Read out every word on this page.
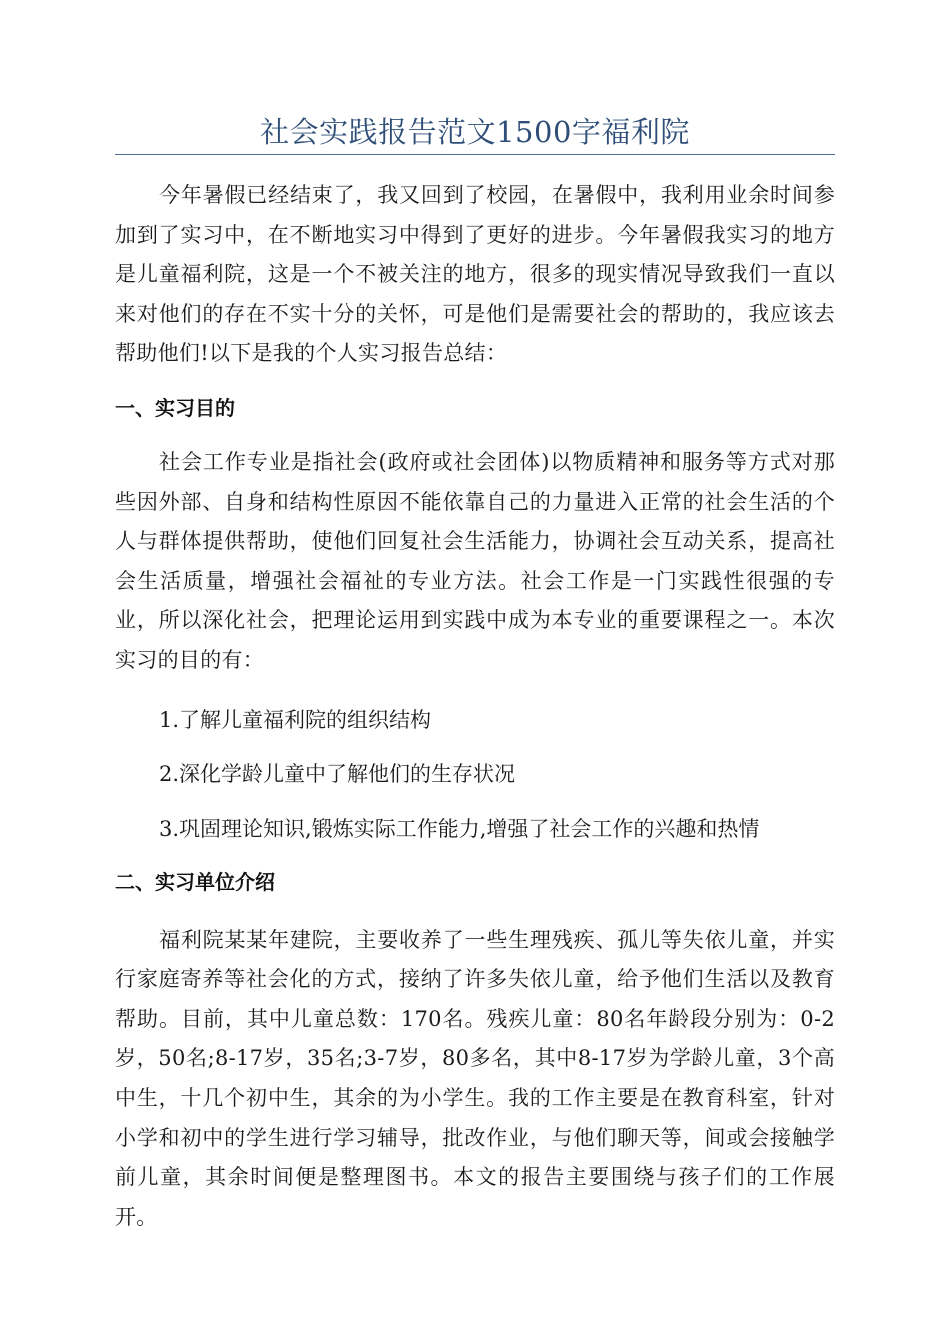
社会实践报告范文1500字福利院

今年暑假已经结束了，我又回到了校园，在暑假中，我利用业余时间参加到了实习中，在不断地实习中得到了更好的进步。今年暑假我实习的地方是儿童福利院，这是一个不被关注的地方，很多的现实情况导致我们一直以来对他们的存在不实十分的关怀，可是他们是需要社会的帮助的，我应该去帮助他们!以下是我的个人实习报告总结：

一、实习目的

社会工作专业是指社会(政府或社会团体)以物质精神和服务等方式对那些因外部、自身和结构性原因不能依靠自己的力量进入正常的社会生活的个人与群体提供帮助，使他们回复社会生活能力，协调社会互动关系，提高社会生活质量，增强社会福祉的专业方法。社会工作是一门实践性很强的专业，所以深化社会，把理论运用到实践中成为本专业的重要课程之一。本次实习的目的有：

1.了解儿童福利院的组织结构

2.深化学龄儿童中了解他们的生存状况

3.巩固理论知识,锻炼实际工作能力,增强了社会工作的兴趣和热情

二、实习单位介绍

福利院某某年建院，主要收养了一些生理残疾、孤儿等失依儿童，并实行家庭寄养等社会化的方式，接纳了许多失依儿童，给予他们生活以及教育帮助。目前，其中儿童总数：170名。残疾儿童：80名年龄段分别为：0-2岁，50名;8-17岁，35名;3-7岁，80多名，其中8-17岁为学龄儿童，3个高中生，十几个初中生，其余的为小学生。我的工作主要是在教育科室，针对小学和初中的学生进行学习辅导，批改作业，与他们聊天等，间或会接触学前儿童，其余时间便是整理图书。本文的报告主要围绕与孩子们的工作展开。
